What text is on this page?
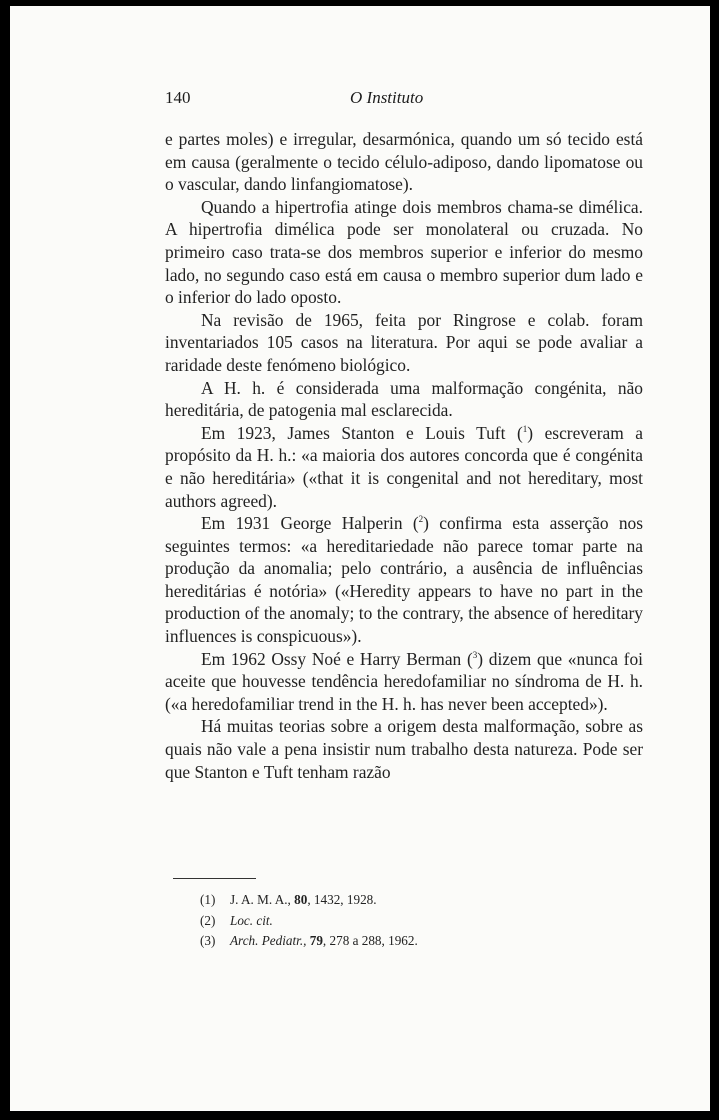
140	O Instituto

e partes moles) e irregular, desarmónica, quando um só tecido está em causa (geralmente o tecido célulo-adiposo, dando lipomatose ou o vascular, dando linfangiomatose).

Quando a hipertrofia atinge dois membros chama-se dimélica. A hipertrofia dimélica pode ser monolateral ou cruzada. No primeiro caso trata-se dos membros superior e inferior do mesmo lado, no segundo caso está em causa o membro superior dum lado e o inferior do lado oposto.

Na revisão de 1965, feita por Ringrose e colab. foram inventariados 105 casos na literatura. Por aqui se pode avaliar a raridade deste fenómeno biológico.

A H. h. é considerada uma malformação congénita, não hereditária, de patogenia mal esclarecida.

Em 1923, James Stanton e Louis Tuft ($^1$) escreveram a propósito da H. h.: «a maioria dos autores concorda que é congénita e não hereditária» («that it is congenital and not hereditary, most authors agreed).

Em 1931 George Halperin ($^2$) confirma esta asserção nos seguintes termos: «a hereditariedade não parece tomar parte na produção da anomalia; pelo contrário, a ausência de influências hereditárias é notória» («Heredity appears to have no part in the production of the anomaly; to the contrary, the absence of hereditary influences is conspicuous»).

Em 1962 Ossy Noé e Harry Berman ($^3$) dizem que «nunca foi aceite que houvesse tendência heredofamiliar no síndroma de H. h. («a heredofamiliar trend in the H. h. has never been accepted»).

Há muitas teorias sobre a origem desta malformação, sobre as quais não vale a pena insistir num trabalho desta natureza. Pode ser que Stanton e Tuft tenham razão

(1)	J. A. M. A., 80, 1432, 1928.
(2)	Loc. cit.
(3)	Arch. Pediatr., 79, 278 a 288, 1962.
